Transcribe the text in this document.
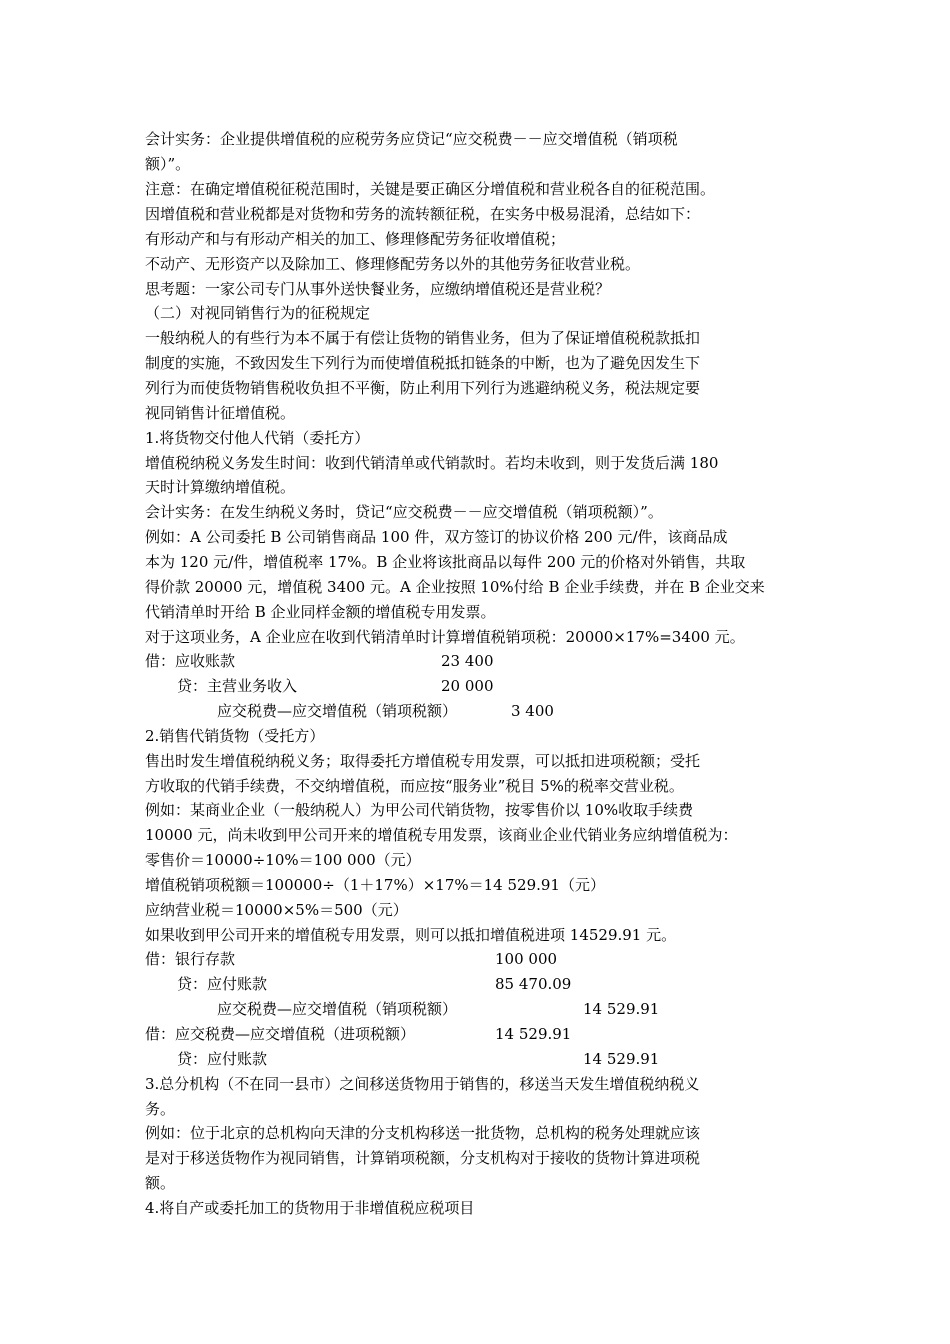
会计实务：企业提供增值税的应税劳务应贷记“应交税费－－应交增值税（销项税
额）”。
注意：在确定增值税征税范围时，关键是要正确区分增值税和营业税各自的征税范围。
因增值税和营业税都是对货物和劳务的流转额征税，在实务中极易混淆，总结如下：
有形动产和与有形动产相关的加工、修理修配劳务征收增值税；
不动产、无形资产以及除加工、修理修配劳务以外的其他劳务征收营业税。
思考题：一家公司专门从事外送快餐业务，应缴纳增值税还是营业税？
（二）对视同销售行为的征税规定
一般纳税人的有些行为本不属于有偿让货物的销售业务，但为了保证增值税税款抵扣
制度的实施，不致因发生下列行为而使增值税抵扣链条的中断，也为了避免因发生下
列行为而使货物销售税收负担不平衡，防止利用下列行为逃避纳税义务，税法规定要
视同销售计征增值税。
1.将货物交付他人代销（委托方）
增值税纳税义务发生时间：收到代销清单或代销款时。若均未收到，则于发货后满 180
天时计算缴纳增值税。
会计实务：在发生纳税义务时，贷记“应交税费－－应交增值税（销项税额）”。
例如：A 公司委托 B 公司销售商品 100 件，双方签订的协议价格 200 元/件，该商品成
本为 120 元/件，增值税率 17%。B 企业将该批商品以每件 200 元的价格对外销售，共取
得价款 20000 元，增值税 3400 元。A 企业按照 10%付给 B 企业手续费，并在 B 企业交来
代销清单时开给 B 企业同样金额的增值税专用发票。
对于这项业务，A 企业应在收到代销清单时计算增值税销项税：20000×17%=3400 元。
借：应收账款	23 400
贷：主营业务收入	20 000
应交税费—应交增值税（销项税额）	3 400
2.销售代销货物（受托方）
售出时发生增值税纳税义务；取得委托方增值税专用发票，可以抵扣进项税额；受托
方收取的代销手续费，不交纳增值税，而应按“服务业”税目 5%的税率交营业税。
例如：某商业企业（一般纳税人）为甲公司代销货物，按零售价以 10%收取手续费
10000 元，尚未收到甲公司开来的增值税专用发票，该商业企业代销业务应纳增值税为：
零售价＝10000÷10%＝100 000（元）
增值税销项税额＝100000÷（1＋17%）×17%＝14 529.91（元）
应纳营业税＝10000×5%＝500（元）
如果收到甲公司开来的增值税专用发票，则可以抵扣增值税进项 14529.91 元。
借：银行存款	100 000
贷：应付账款	85 470.09
应交税费—应交增值税（销项税额）	14 529.91
借：应交税费—应交增值税（进项税额）	14 529.91
贷：应付账款	14 529.91
3.总分机构（不在同一县市）之间移送货物用于销售的，移送当天发生增值税纳税义
务。
例如：位于北京的总机构向天津的分支机构移送一批货物，总机构的税务处理就应该
是对于移送货物作为视同销售，计算销项税额，分支机构对于接收的货物计算进项税
额。
4.将自产或委托加工的货物用于非增值税应税项目
